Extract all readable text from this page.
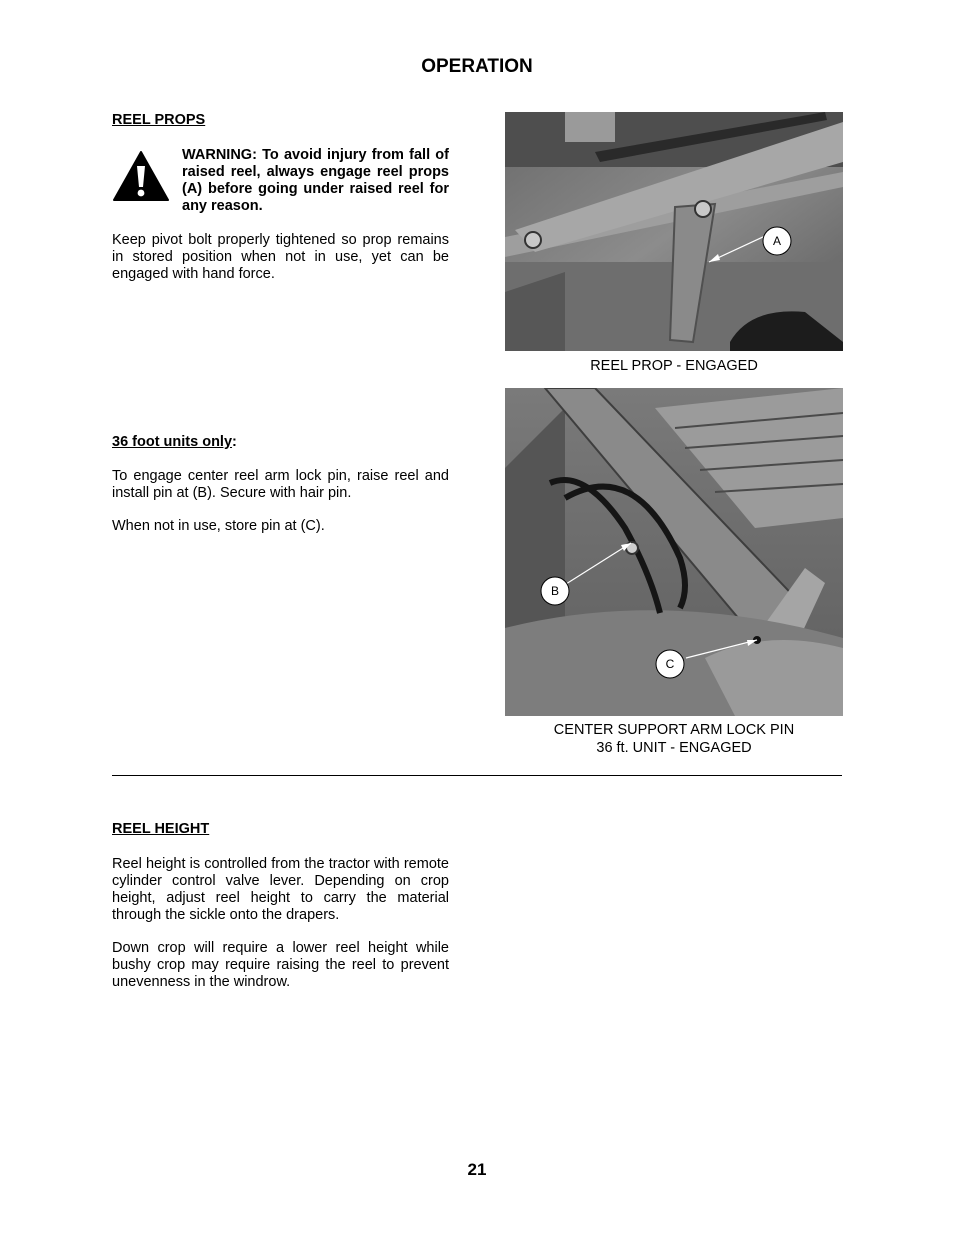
OPERATION
REEL PROPS
WARNING: To avoid injury from fall of raised reel, always engage reel props (A) before going under raised reel for any reason.
Keep pivot bolt properly tightened so prop remains in stored position when not in use, yet can be engaged with hand force.
A
REEL PROP - ENGAGED
36 foot units only:
To engage center reel arm lock pin, raise reel and install pin at (B). Secure with hair pin.
When not in use, store pin at (C).
B
C
CENTER SUPPORT ARM LOCK PIN
36 ft. UNIT - ENGAGED
REEL HEIGHT
Reel height is controlled from the tractor with remote cylinder control valve lever. Depending on crop height, adjust reel height to carry the material through the sickle onto the drapers.
Down crop will require a lower reel height while bushy crop may require raising the reel to prevent unevenness in the windrow.
21
